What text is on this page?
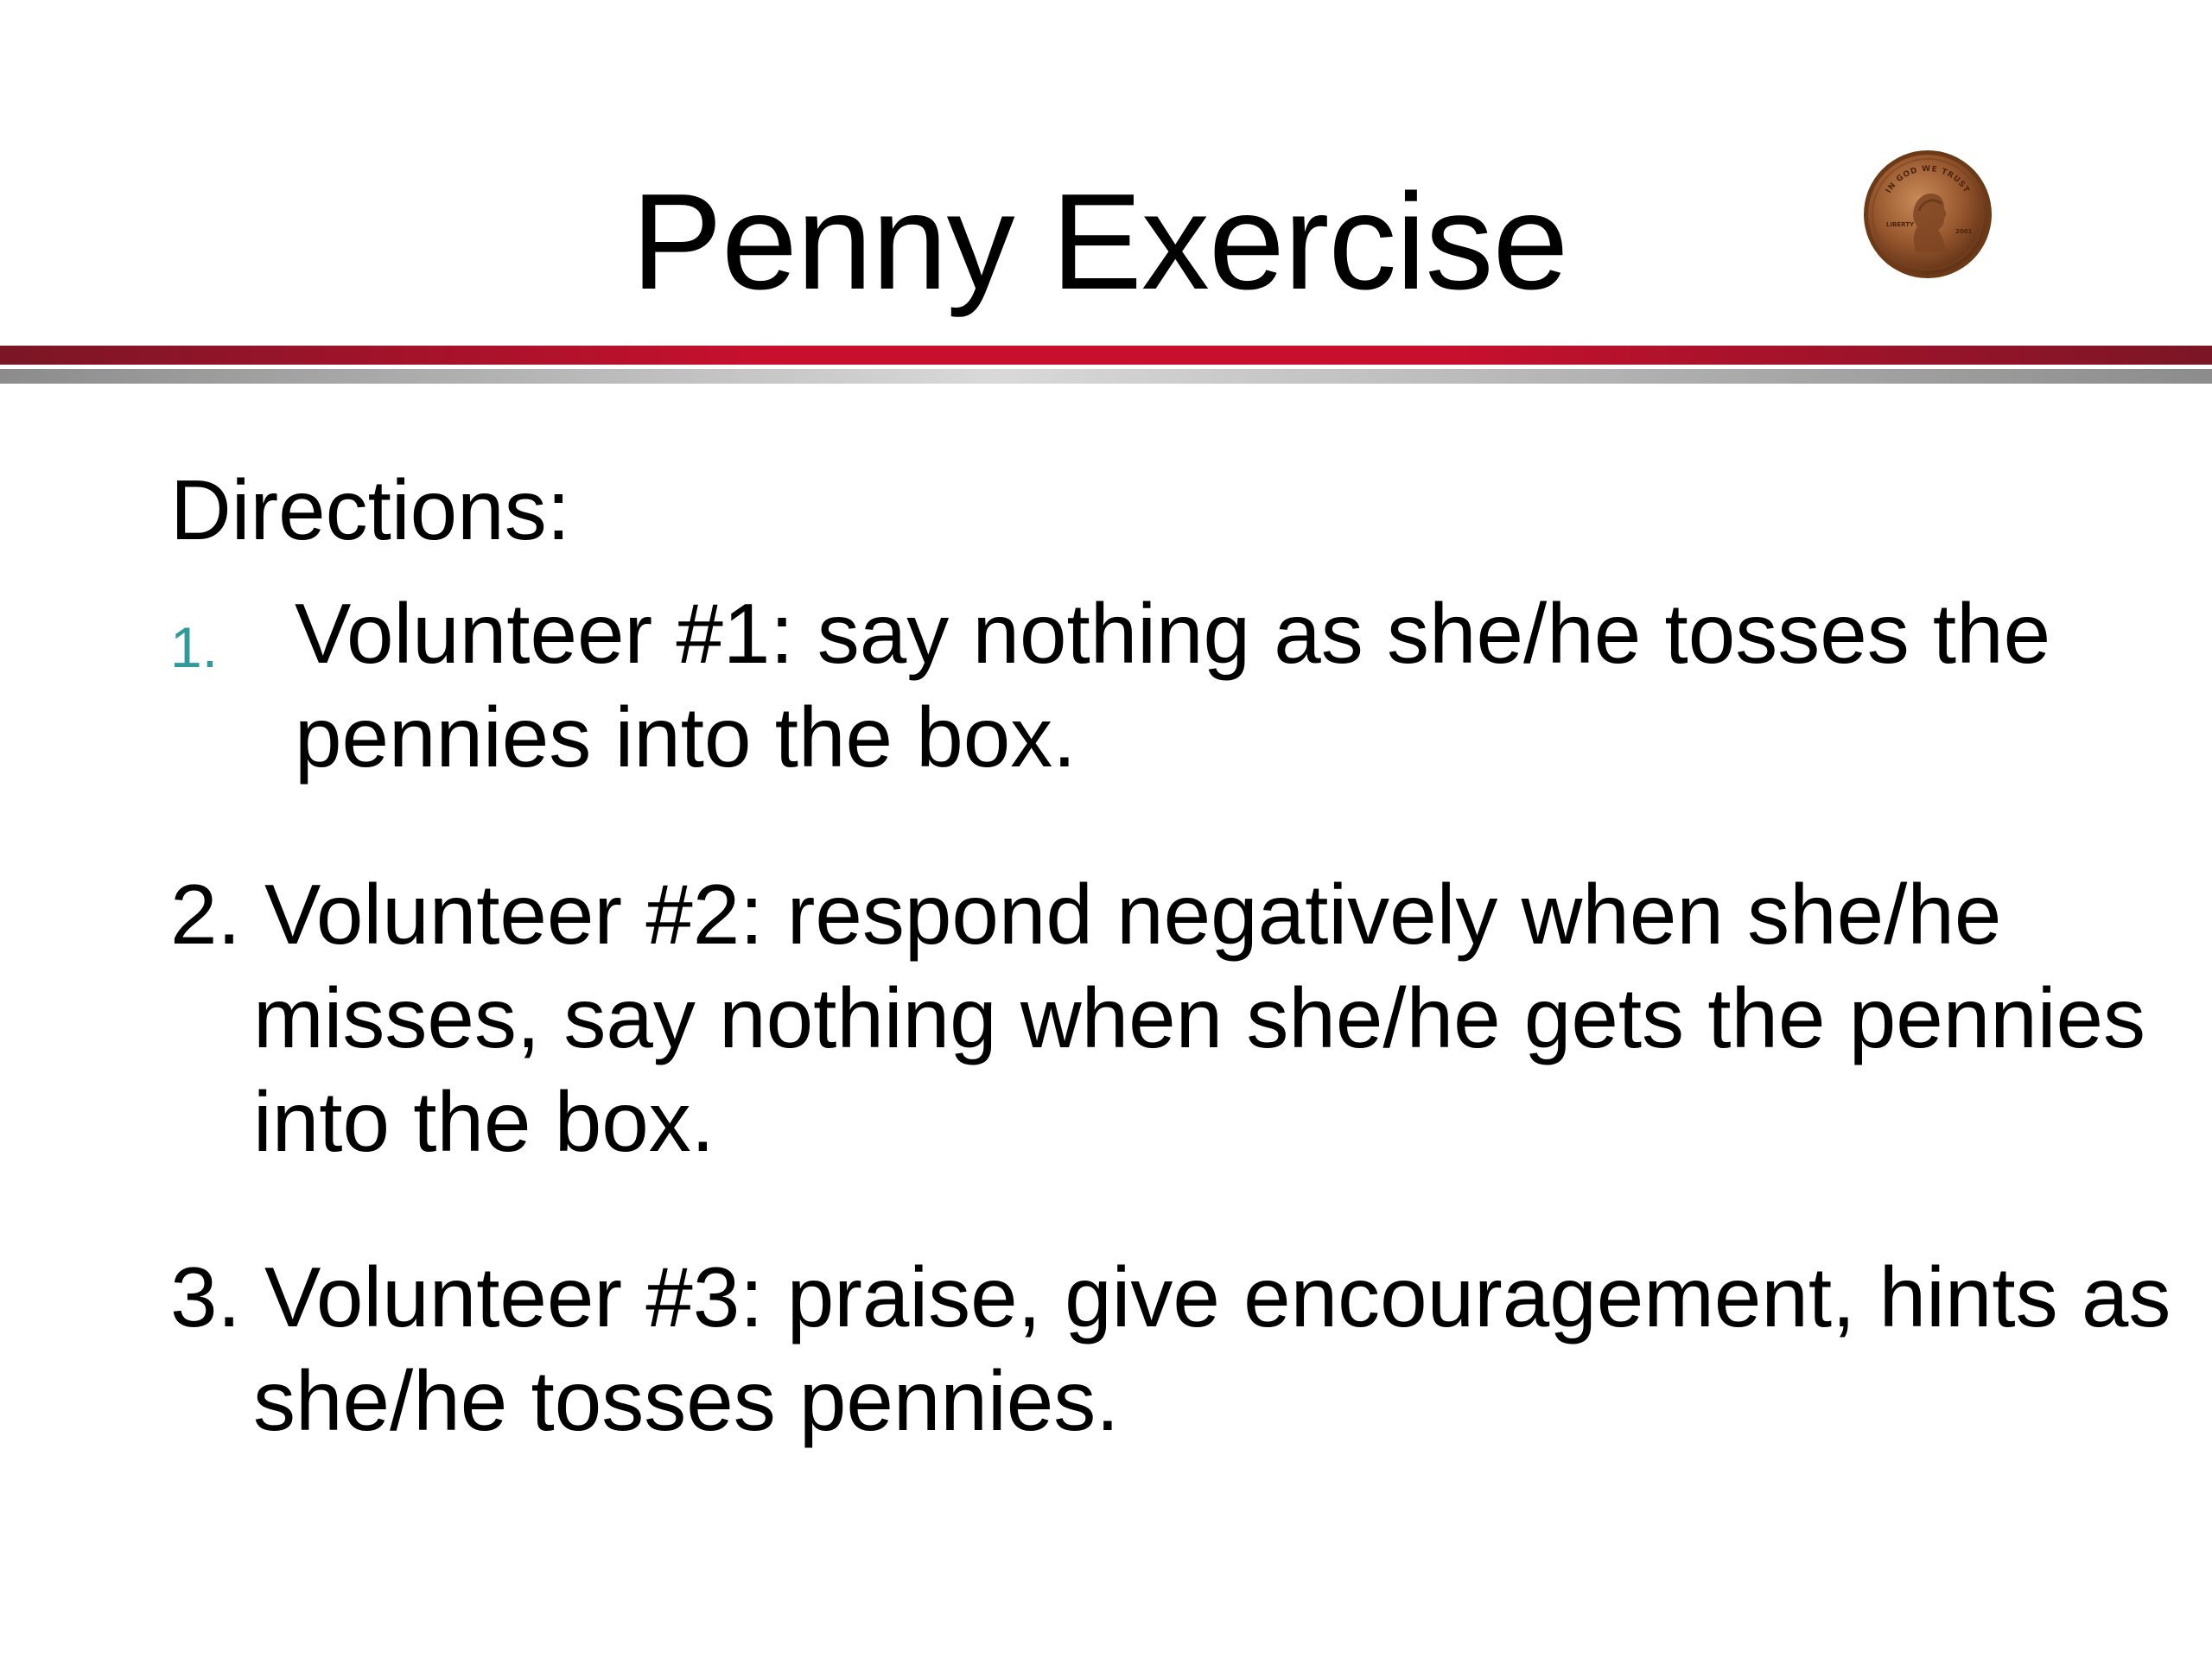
Penny Exercise	IN GOD WE TRUST
LIBERTY
2001

Directions:

1. Volunteer #1: say nothing as she/he tosses the pennies into the box.

2. Volunteer #2: respond negatively when she/he misses, say nothing when she/he gets the pennies into the box.

3. Volunteer #3: praise, give encouragement, hints as she/he tosses pennies.
